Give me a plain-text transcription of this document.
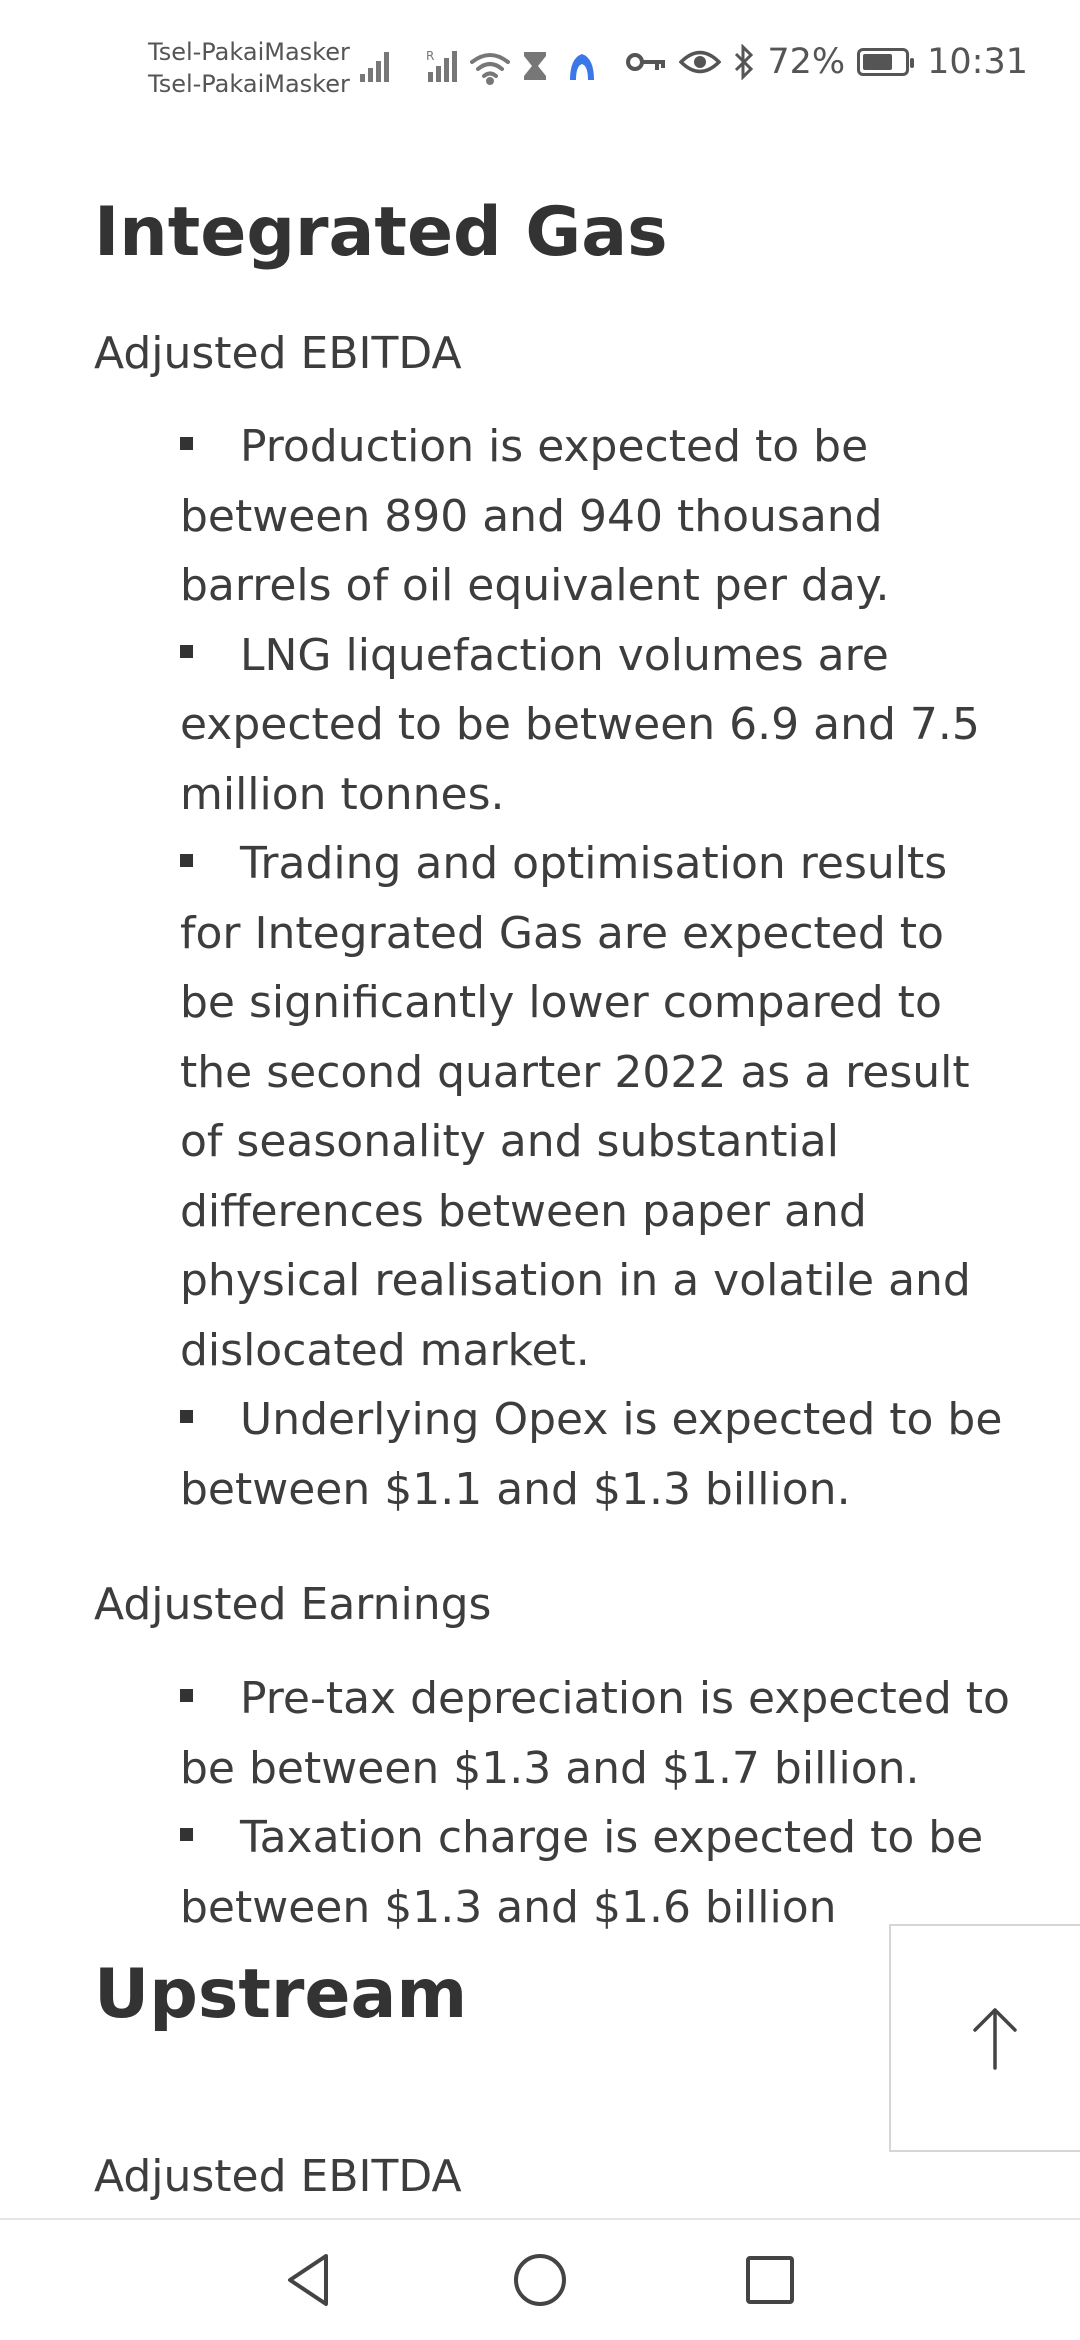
Tsel-PakaiMasker
Tsel-PakaiMasker
R	72% 10:31
Integrated Gas
Adjusted EBITDA
Production is expected to be between 890 and 940 thousand barrels of oil equivalent per day.
LNG liquefaction volumes are expected to be between 6.9 and 7.5 million tonnes.
Trading and optimisation results for Integrated Gas are expected to be significantly lower compared to the second quarter 2022 as a result of seasonality and substantial differences between paper and physical realisation in a volatile and dislocated market.
Underlying Opex is expected to be between $1.1 and $1.3 billion.
Adjusted Earnings
Pre-tax depreciation is expected to be between $1.3 and $1.7 billion.
Taxation charge is expected to be between $1.3 and $1.6 billion
Upstream
Adjusted EBITDA
